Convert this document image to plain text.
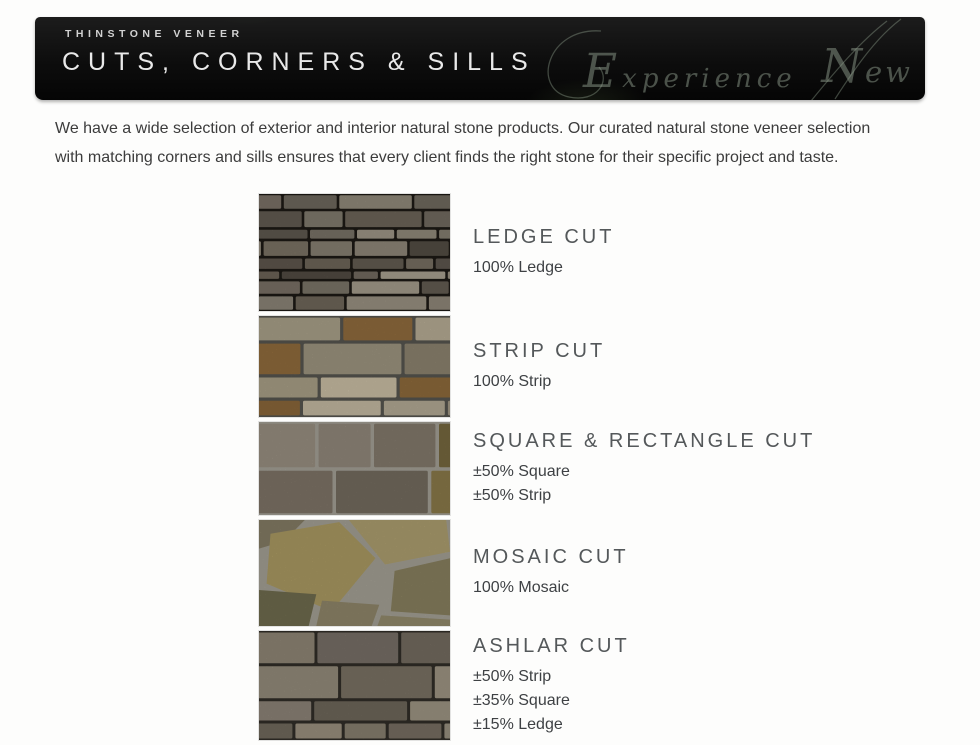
THINSTONE VENEER
CUTS, CORNERS & SILLS Experience New
We have a wide selection of exterior and interior natural stone products. Our curated natural stone veneer selection
with matching corners and sills ensures that every client finds the right stone for their specific project and taste.
LEDGE CUT
100% Ledge
STRIP CUT
100% Strip
SQUARE & RECTANGLE CUT
±50% Square
±50% Strip
MOSAIC CUT
100% Mosaic
ASHLAR CUT
±50% Strip
±35% Square
±15% Ledge
